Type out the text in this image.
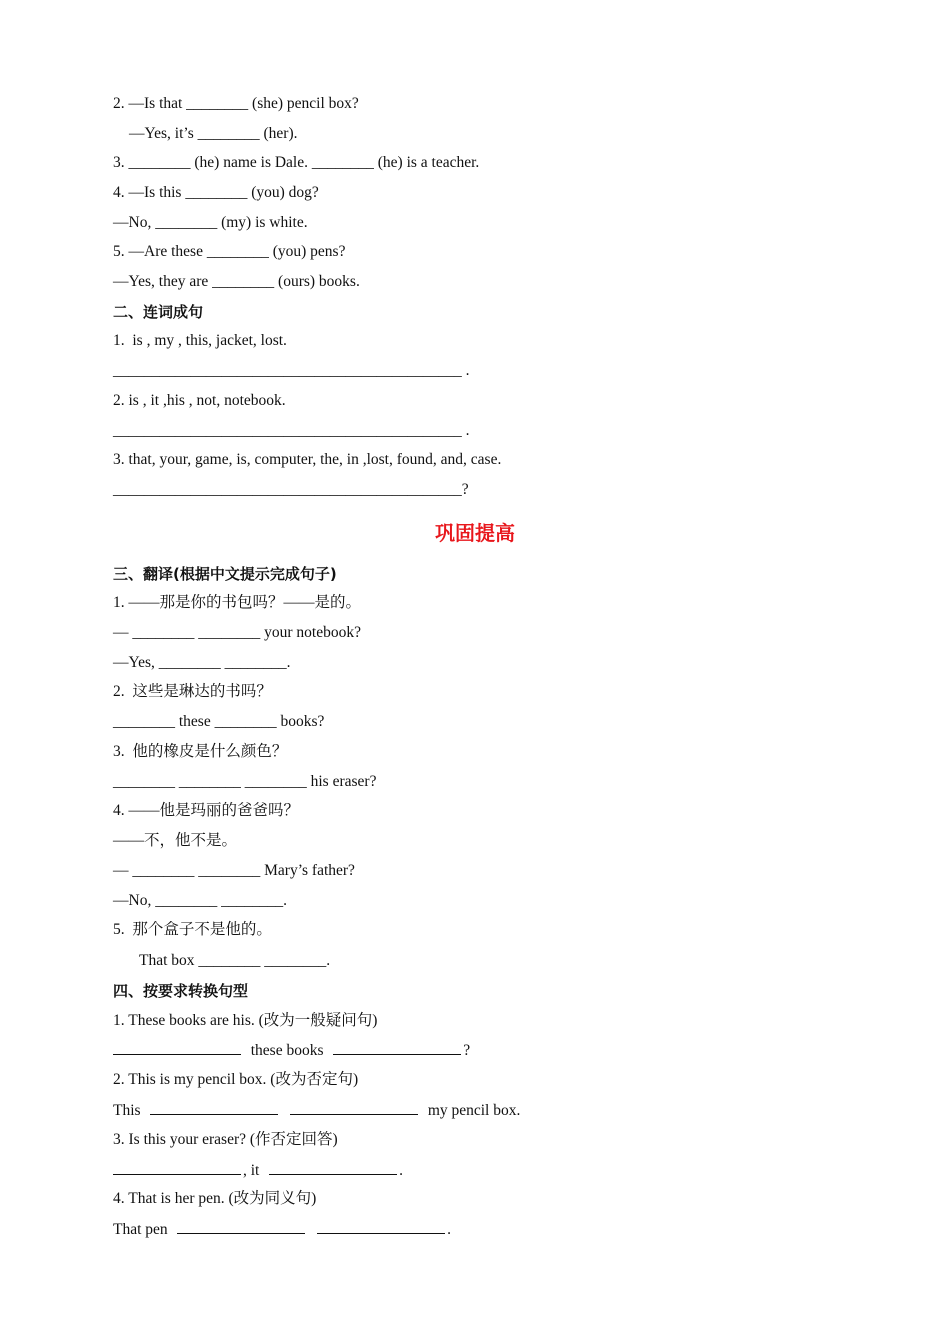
2. —Is that ________ (she) pencil box?
—Yes, it’s ________ (her).
3. ________ (he) name is Dale. ________ (he) is a teacher.
4. —Is this ________ (you) dog?
—No, ________ (my) is white.
5. —Are these ________ (you) pens?
—Yes, they are ________ (ours) books.
二、连词成句
1.  is , my , this, jacket, lost.
_____________________________________________ .
2. is , it ,his , not, notebook.
_____________________________________________ .
3. that, your, game, is, computer, the, in ,lost, found, and, case.
_____________________________________________?
巩固提高
三、翻译(根据中文提示完成句子)
1. ——那是你的书包吗？——是的。
— ________ ________ your notebook?
—Yes, ________ ________.
2.  这些是琳达的书吗？
________ these ________ books?
3.  他的橡皮是什么颜色？
________ ________ ________ his eraser?
4. ——他是玛丽的爸爸吗？
——不，他不是。
— ________ ________ Mary’s father?
—No, ________ ________.
5.  那个盒子不是他的。
That box ________ ________.
四、按要求转换句型
1. These books are his. (改为一般疑问句)
these books	?
2. This is my pencil box. (改为否定句)
This	my pencil box.
3. Is this your eraser? (作否定回答)
, it	.
4. That is her pen. (改为同义句)
That pen	.
